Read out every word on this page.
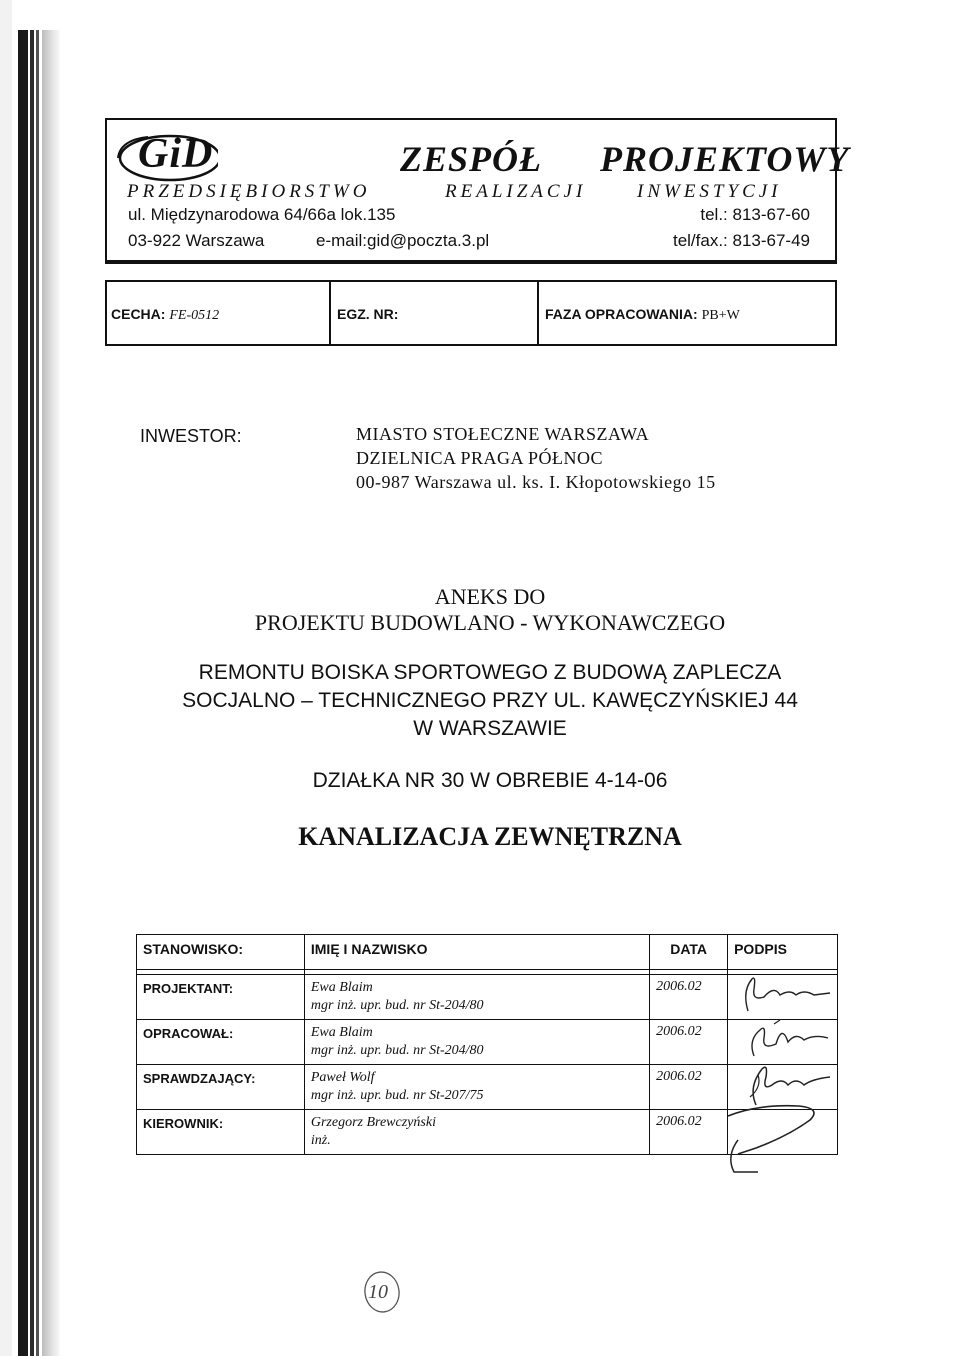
GiD	ZESPÓŁ PROJEKTOWY
PRZEDSIĘBIORSTWO	REALIZACJI	INWESTYCJI
ul. Międzynarodowa 64/66a lok.135
03-922 Warszawa	e-mail:gid@poczta.3.pl
tel.: 813-67-60
tel/fax.: 813-67-49
CECHA: FE-0512	EGZ. NR:	FAZA OPRACOWANIA: PB+W
INWESTOR:	MIASTO STOŁECZNE WARSZAWA
DZIELNICA PRAGA PÓŁNOC
00-987 Warszawa ul. ks. I. Kłopotowskiego 15
ANEKS DO
PROJEKTU BUDOWLANO - WYKONAWCZEGO
REMONTU BOISKA SPORTOWEGO Z BUDOWĄ ZAPLECZA
SOCJALNO – TECHNICZNEGO PRZY UL. KAWĘCZYŃSKIEJ 44
W WARSZAWIE
DZIAŁKA NR 30 W OBREBIE 4-14-06
KANALIZACJA ZEWNĘTRZNA
STANOWISKO:	IMIĘ I NAZWISKO	DATA	PODPIS

PROJEKTANT:	Ewa Blaim
mgr inż. upr. bud. nr St-204/80	2006.02	

OPRACOWAŁ:	Ewa Blaim
mgr inż. upr. bud. nr St-204/80	2006.02	

SPRAWDZAJĄCY:	Paweł Wolf
mgr inż. upr. bud. nr St-207/75	2006.02	

KIEROWNIK:	Grzegorz Brewczyński
inż.	2006.02	
10
